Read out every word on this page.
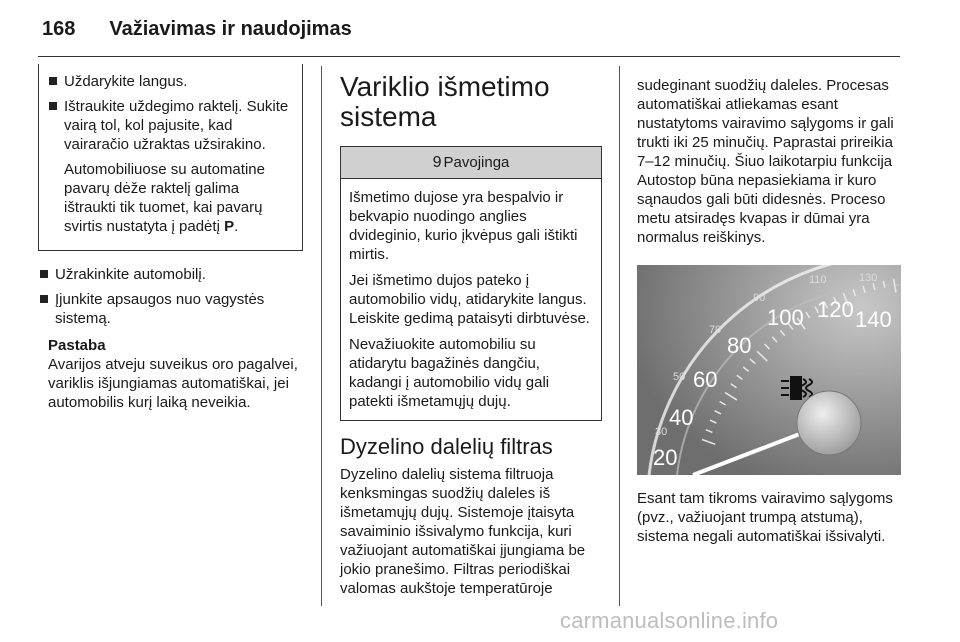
168 Važiavimas ir naudojimas
Uždarykite langus.
Ištraukite uždegimo raktelį. Sukite vairą tol, kol pajusite, kad vairaračio užraktas užsirakino.

Automobiliuose su automatine pavarų dėže raktelį galima ištraukti tik tuomet, kai pavarų svirtis nustatyta į padėtį P.

Užrakinkite automobilį.
Įjunkite apsaugos nuo vagystės sistemą.
Pastaba
Avarijos atveju suveikus oro pagalvei, variklis išjungiamas automatiškai, jei automobilis kurį laiką neveikia.
Variklio išmetimo sistema
9 Pavojinga

Išmetimo dujose yra bespalvio ir bekvapio nuodingo anglies dvideginio, kurio įkvėpus gali ištikti mirtis.

Jei išmetimo dujos pateko į automobilio vidų, atidarykite langus. Leiskite gedimą pataisyti dirbtuvėse.

Nevažiuokite automobiliu su atidarytu bagažinės dangčiu, kadangi į automobilio vidų gali patekti išmetamųjų dujų.

Dyzelino dalelių filtras

Dyzelino dalelių sistema filtruoja kenksmingas suodžių daleles iš išmetamųjų dujų. Sistemoje įtaisyta savaiminio išsivalymo funkcija, kuri važiuojant automatiškai įjungiama be jokio pranešimo. Filtras periodiškai valomas aukštoje temperatūroje

sudeginant suodžių daleles. Procesas automatiškai atliekamas esant nustatytoms vairavimo sąlygoms ir gali trukti iki 25 minučių. Paprastai prireikia 7–12 minučių. Šiuo laikotarpiu funkcija Autostop būna nepasiekiama ir kuro sąnaudos gali būti didesnės. Proceso metu atsiradęs kvapas ir dūmai yra normalus reiškinys.

30
50
70
90
110	130
20
40
60
80
100 120 140

Esant tam tikroms vairavimo sąlygoms (pvz., važiuojant trumpą atstumą), sistema negali automatiškai išsivalyti.

carmanualsonline.info
